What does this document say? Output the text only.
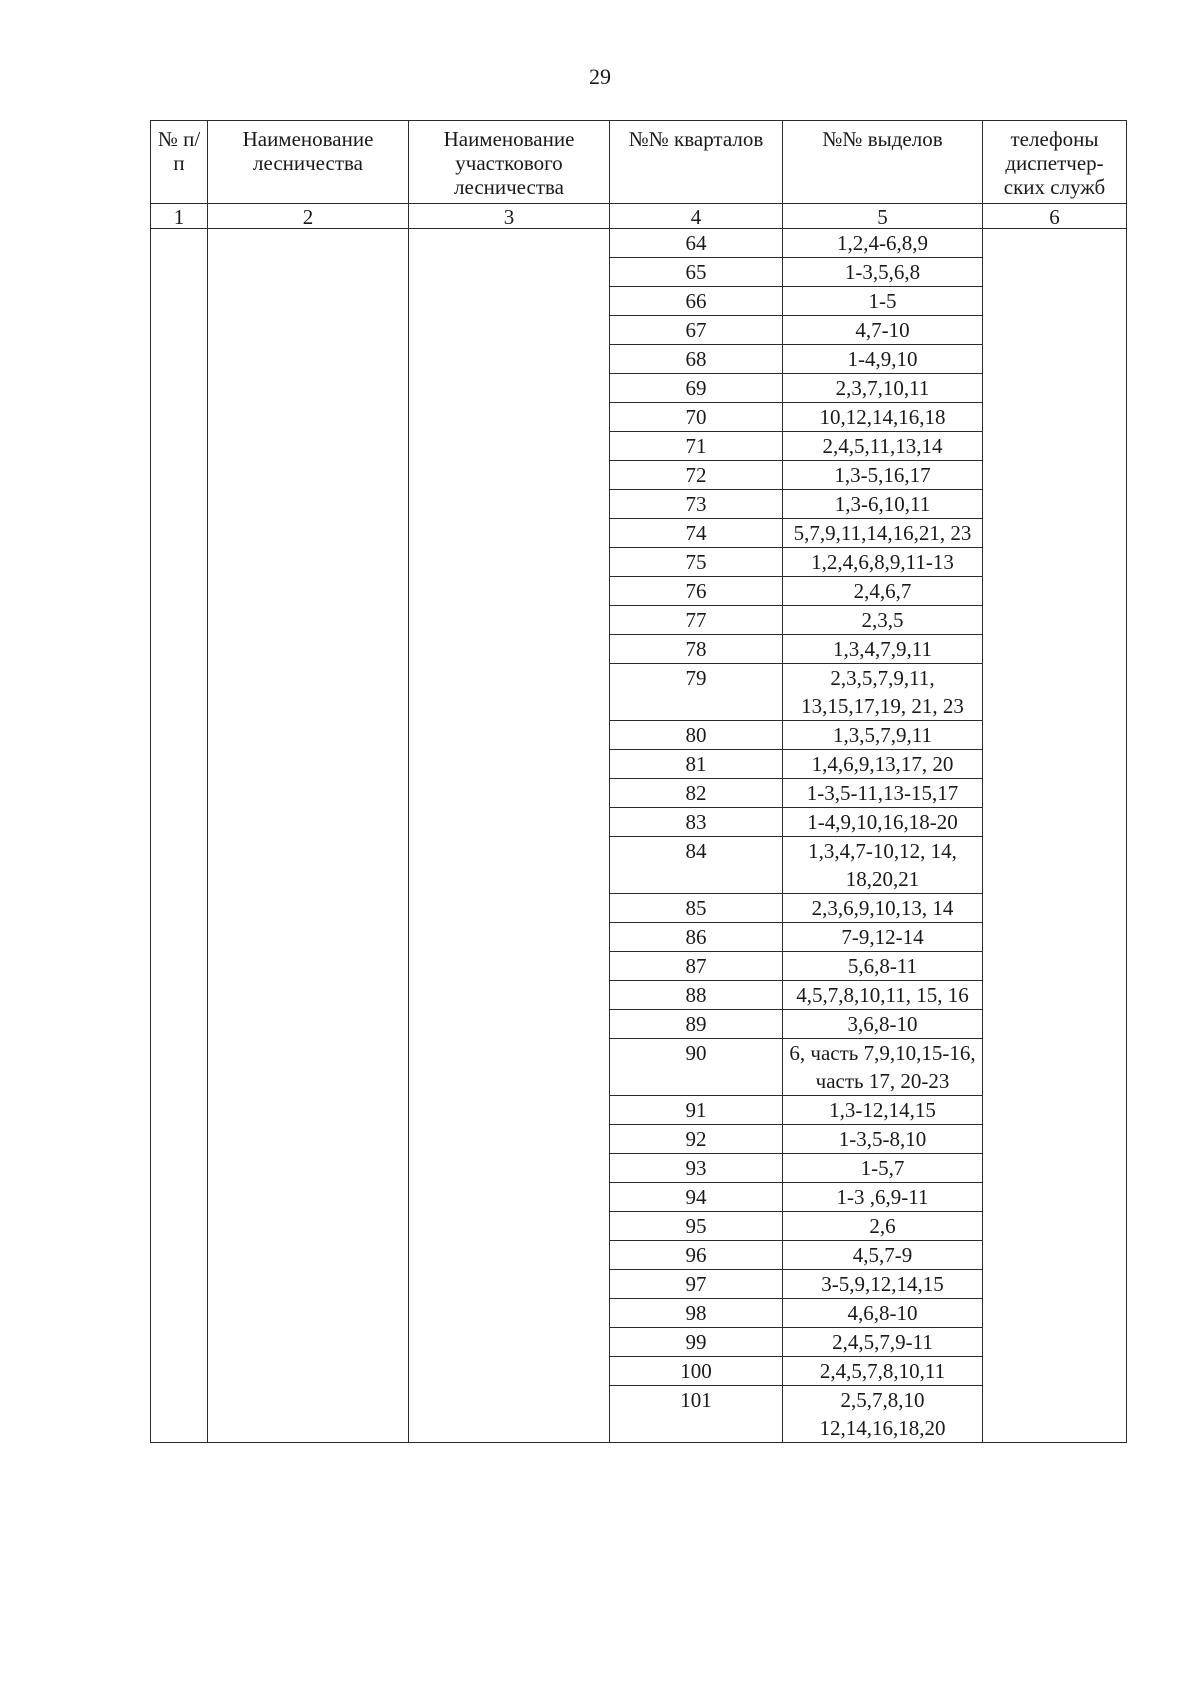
29
№ п/п	Наименование лесничества	Наименование участкового лесничества	№№ кварталов	№№ выделов	телефоны диспетчер-ских служб
1	2	3	4	5	6
			64	1,2,4-6,8,9	
			65	1-3,5,6,8	
			66	1-5	
			67	4,7-10	
			68	1-4,9,10	
			69	2,3,7,10,11	
			70	10,12,14,16,18	
			71	2,4,5,11,13,14	
			72	1,3-5,16,17	
			73	1,3-6,10,11	
			74	5,7,9,11,14,16,21, 23	
			75	1,2,4,6,8,9,11-13	
			76	2,4,6,7	
			77	2,3,5	
			78	1,3,4,7,9,11	
			79	2,3,5,7,9,11, 13,15,17,19, 21, 23	
			80	1,3,5,7,9,11	
			81	1,4,6,9,13,17, 20	
			82	1-3,5-11,13-15,17	
			83	1-4,9,10,16,18-20	
			84	1,3,4,7-10,12, 14, 18,20,21	
			85	2,3,6,9,10,13, 14	
			86	7-9,12-14	
			87	5,6,8-11	
			88	4,5,7,8,10,11, 15, 16	
			89	3,6,8-10	
			90	6, часть 7,9,10,15-16, часть 17, 20-23	
			91	1,3-12,14,15	
			92	1-3,5-8,10	
			93	1-5,7	
			94	1-3 ,6,9-11	
			95	2,6	
			96	4,5,7-9	
			97	3-5,9,12,14,15	
			98	4,6,8-10	
			99	2,4,5,7,9-11	
			100	2,4,5,7,8,10,11	
			101	2,5,7,8,10 12,14,16,18,20	
